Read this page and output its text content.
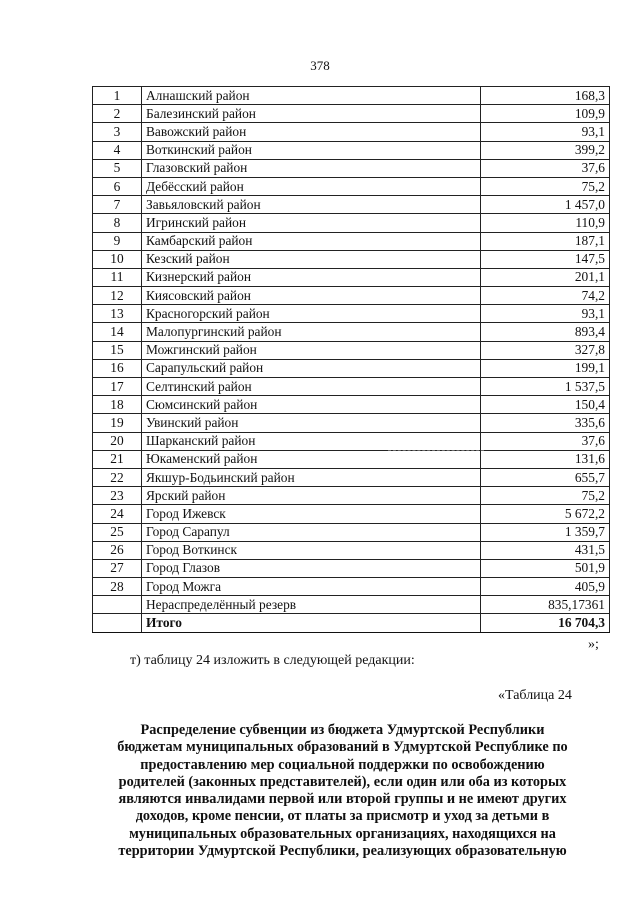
378
1	Алнашский район	168,3
2	Балезинский район	109,9
3	Вавожский район	93,1
4	Воткинский район	399,2
5	Глазовский район	37,6
6	Дебёсский район	75,2
7	Завьяловский район	1 457,0
8	Игринский район	110,9
9	Камбарский район	187,1
10	Кезский район	147,5
11	Кизнерский район	201,1
12	Киясовский район	74,2
13	Красногорский район	93,1
14	Малопургинский район	893,4
15	Можгинский район	327,8
16	Сарапульский район	199,1
17	Селтинский район	1 537,5
18	Сюмсинский район	150,4
19	Увинский район	335,6
20	Шарканский район	37,6
21	Юкаменский район	131,6
22	Якшур-Бодьинский район	655,7
23	Ярский район	75,2
24	Город Ижевск	5 672,2
25	Город Сарапул	1 359,7
26	Город Воткинск	431,5
27	Город Глазов	501,9
28	Город Можга	405,9
	Нераспределённый резерв	835,17361
	Итого	16 704,3
»;
т) таблицу 24 изложить в следующей редакции:
«Таблица 24
Распределение субвенции из бюджета Удмуртской Республики
бюджетам муниципальных образований в Удмуртской Республике по
предоставлению мер социальной поддержки по освобождению
родителей (законных представителей), если один или оба из которых
являются инвалидами первой или второй группы и не имеют других
доходов, кроме пенсии, от платы за присмотр и уход за детьми в
муниципальных образовательных организациях, находящихся на
территории Удмуртской Республики, реализующих образовательную
